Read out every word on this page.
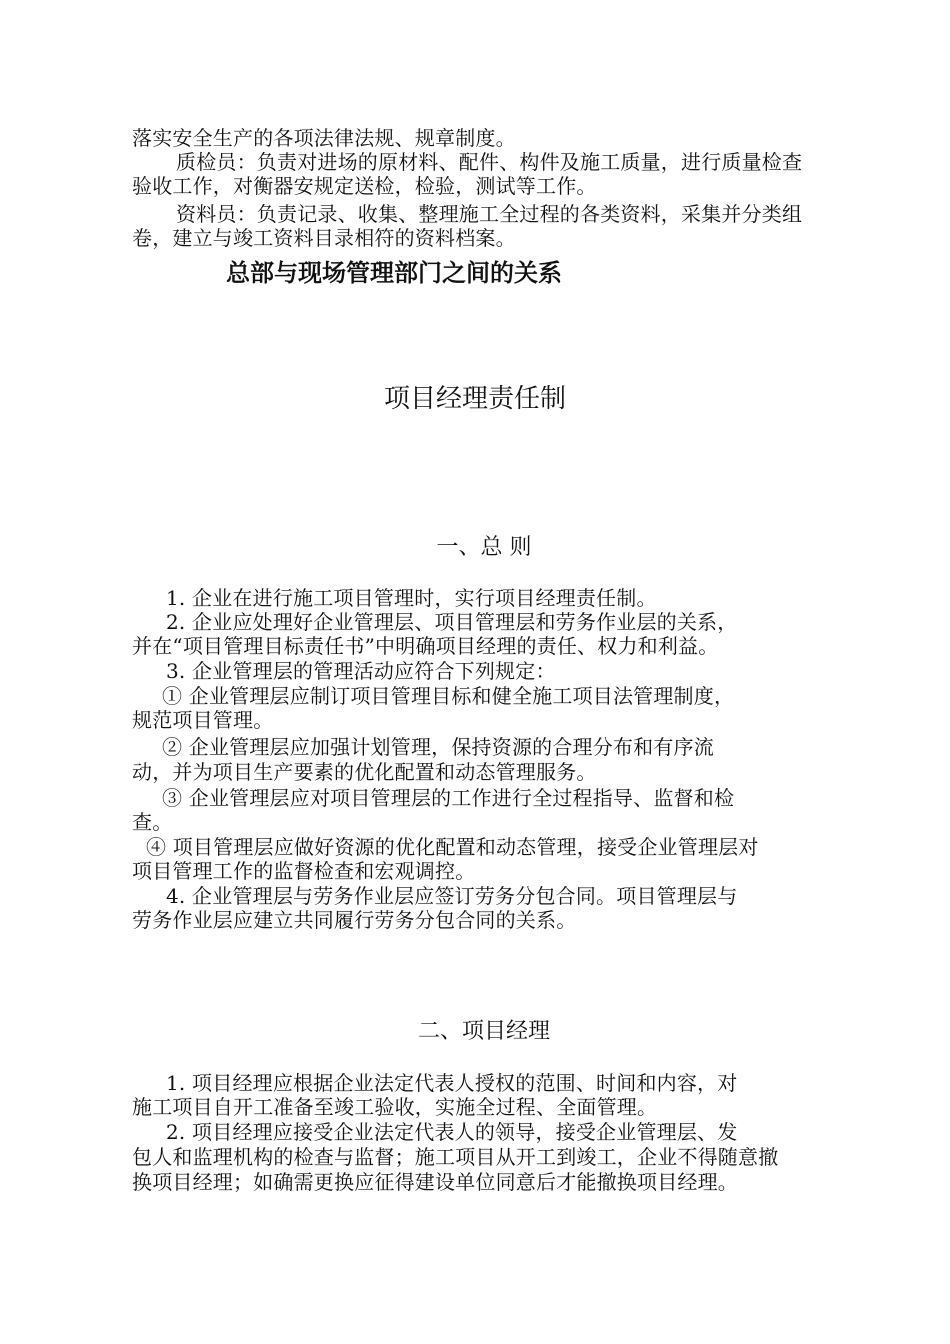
落实安全生产的各项法律法规、规章制度。
质检员：负责对进场的原材料、配件、构件及施工质量，进行质量检查
验收工作，对衡器安规定送检，检验，测试等工作。
资料员：负责记录、收集、整理施工全过程的各类资料，采集并分类组
卷，建立与竣工资料目录相符的资料档案。
总部与现场管理部门之间的关系
项目经理责任制
一、总 则
1. 企业在进行施工项目管理时，实行项目经理责任制。
2. 企业应处理好企业管理层、项目管理层和劳务作业层的关系，
并在“项目管理目标责任书”中明确项目经理的责任、权力和利益。
3. 企业管理层的管理活动应符合下列规定：
① 企业管理层应制订项目管理目标和健全施工项目法管理制度，
规范项目管理。
② 企业管理层应加强计划管理，保持资源的合理分布和有序流
动，并为项目生产要素的优化配置和动态管理服务。
③ 企业管理层应对项目管理层的工作进行全过程指导、监督和检
查。
④ 项目管理层应做好资源的优化配置和动态管理，接受企业管理层对
项目管理工作的监督检查和宏观调控。
4. 企业管理层与劳务作业层应签订劳务分包合同。项目管理层与
劳务作业层应建立共同履行劳务分包合同的关系。
二、项目经理
1. 项目经理应根据企业法定代表人授权的范围、时间和内容，对
施工项目自开工准备至竣工验收，实施全过程、全面管理。
2. 项目经理应接受企业法定代表人的领导，接受企业管理层、发
包人和监理机构的检查与监督；施工项目从开工到竣工，企业不得随意撤
换项目经理；如确需更换应征得建设单位同意后才能撤换项目经理。
